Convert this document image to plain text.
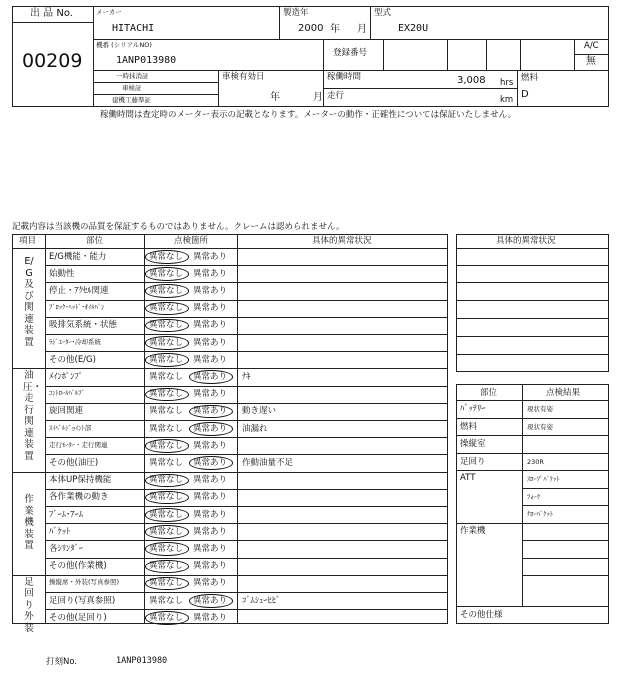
出 品 No.
00209
メーカー
HITACHI
製造年
2000 年 月
型式
EX20U
機番 (シリアルNO)
1ANP013980
登録番号
A/C
無
一時抹消証
車検証
建機工藤準証
車検有効日
年	月
稼働時間	3,008 hrs
走行	km
燃料
D
稼働時間は査定時のメーター表示の記載となります。メーターの動作・正確性については保証いたしません。
記載内容は当該機の品質を保証するものではありません。クレームは認められません。
項目	部位	点検箇所	具体的異常状況
E/G及び関連装置
E/G機能・能力	異常なし 異常あり
始動性	異常なし 異常あり
停止・ｱｸｾﾙ関連	異常なし 異常あり
ﾌﾞﾛｯｸ･ﾍｯﾄﾞ･ｵｲﾙﾊﾟﾝ	異常なし 異常あり
吸排気系統・状態	異常なし 異常あり
ﾗｼﾞｴｰﾀｰ･冷却系統	異常なし 異常あり
その他(E/G)	異常なし 異常あり
油圧・走行関連装置
ﾒｲﾝﾎﾟﾝﾌﾟ	異常なし 異常あり ﾅｷ
ｺﾝﾄﾛｰﾙﾊﾞﾙﾌﾞ	異常なし 異常あり
旋回関連	異常なし 異常あり 動き遅い
ｽｲﾍﾞﾙｼﾞｮｲﾝﾄ部	異常なし 異常あり 油漏れ
走行ﾓｰﾀｰ・走行関連	異常なし 異常あり
その他(油圧)	異常なし 異常あり 作動油量不足
作業機装置
本体UP保持機能	異常なし 異常あり
各作業機の動き	異常なし 異常あり
ﾌﾞｰﾑ･ｱｰﾑ	異常なし 異常あり
ﾊﾞｹｯﾄ	異常なし 異常あり
各ｼﾘﾝﾀﾞｰ	異常なし 異常あり
その他(作業機)	異常なし 異常あり
足回り外装
操縦席・外装(写真参照)	異常なし 異常あり
足回り(写真参照)	異常なし 異常あり ｺﾞﾑｼｭｰﾋﾋﾞ
その他(足回り)	異常なし 異常あり
具体的異常状況
部位	点検結果
ﾊﾞｯﾃﾘｰ	現状有姿
燃料	現状有姿
操縦室
足回り	230R
ATT	ｽﾛｰﾌﾟﾊﾞｹｯﾄ
ﾌｫｰｸ
ﾅﾛｰﾊﾞｹｯﾄ
作業機
その他仕様
打刻No.	1ANP013980
